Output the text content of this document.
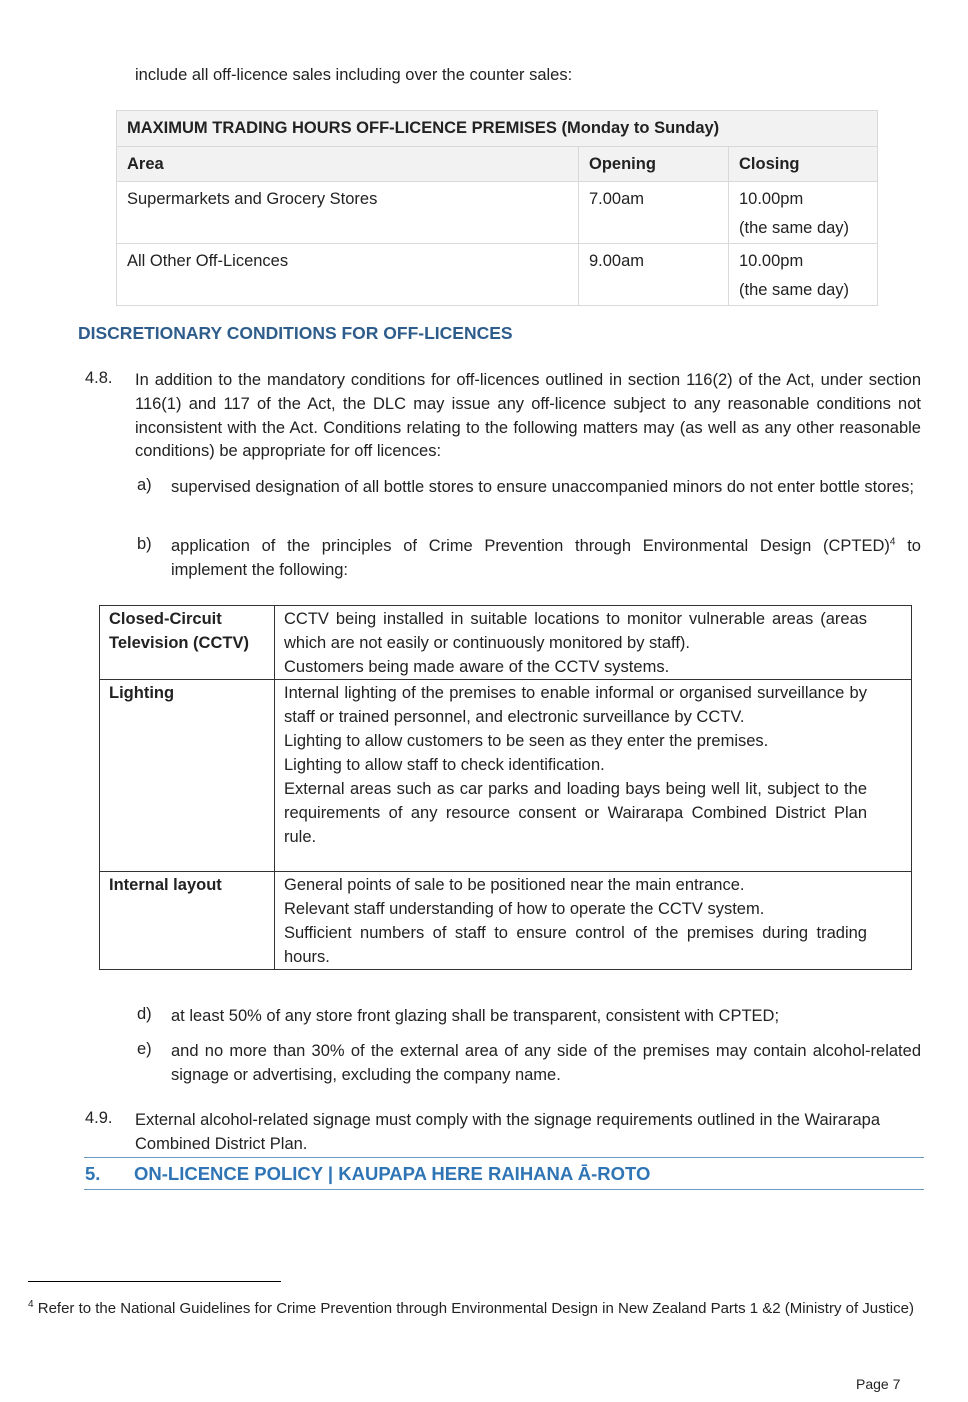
include all off-licence sales including over the counter sales:
MAXIMUM TRADING HOURS OFF-LICENCE PREMISES (Monday to Sunday)		
Area	Opening	Closing
Supermarkets and Grocery Stores	7.00am	10.00pm
(the same day)

All Other Off-Licences	9.00am	10.00pm
(the same day)
DISCRETIONARY CONDITIONS FOR OFF-LICENCES
4.8. In addition to the mandatory conditions for off-licences outlined in section 116(2) of the Act, under section 116(1) and 117 of the Act, the DLC may issue any off-licence subject to any reasonable conditions not inconsistent with the Act. Conditions relating to the following matters may (as well as any other reasonable conditions) be appropriate for off licences:
a) supervised designation of all bottle stores to ensure unaccompanied minors do not enter bottle stores;
b) application of the principles of Crime Prevention through Environmental Design (CPTED)$^4$ to implement the following:
Closed-Circuit Television (CCTV)	CCTV being installed in suitable locations to monitor vulnerable areas (areas which are not easily or continuously monitored by staff).
Customers being made aware of the CCTV systems.

Lighting	Internal lighting of the premises to enable informal or organised surveillance by staff or trained personnel, and electronic surveillance by CCTV.
Lighting to allow customers to be seen as they enter the premises.
Lighting to allow staff to check identification.
External areas such as car parks and loading bays being well lit, subject to the requirements of any resource consent or Wairarapa Combined District Plan rule.

Internal layout	General points of sale to be positioned near the main entrance.
Relevant staff understanding of how to operate the CCTV system.
Sufficient numbers of staff to ensure control of the premises during trading hours.
d) at least 50% of any store front glazing shall be transparent, consistent with CPTED;
e) and no more than 30% of the external area of any side of the premises may contain alcohol-related signage or advertising, excluding the company name.
4.9. External alcohol-related signage must comply with the signage requirements outlined in the Wairarapa Combined District Plan.
5. ON-LICENCE POLICY | KAUPAPA HERE RAIHANA Ā-ROTO
$^4$ Refer to the National Guidelines for Crime Prevention through Environmental Design in New Zealand Parts 1 &2 (Ministry of Justice)
Page 7
